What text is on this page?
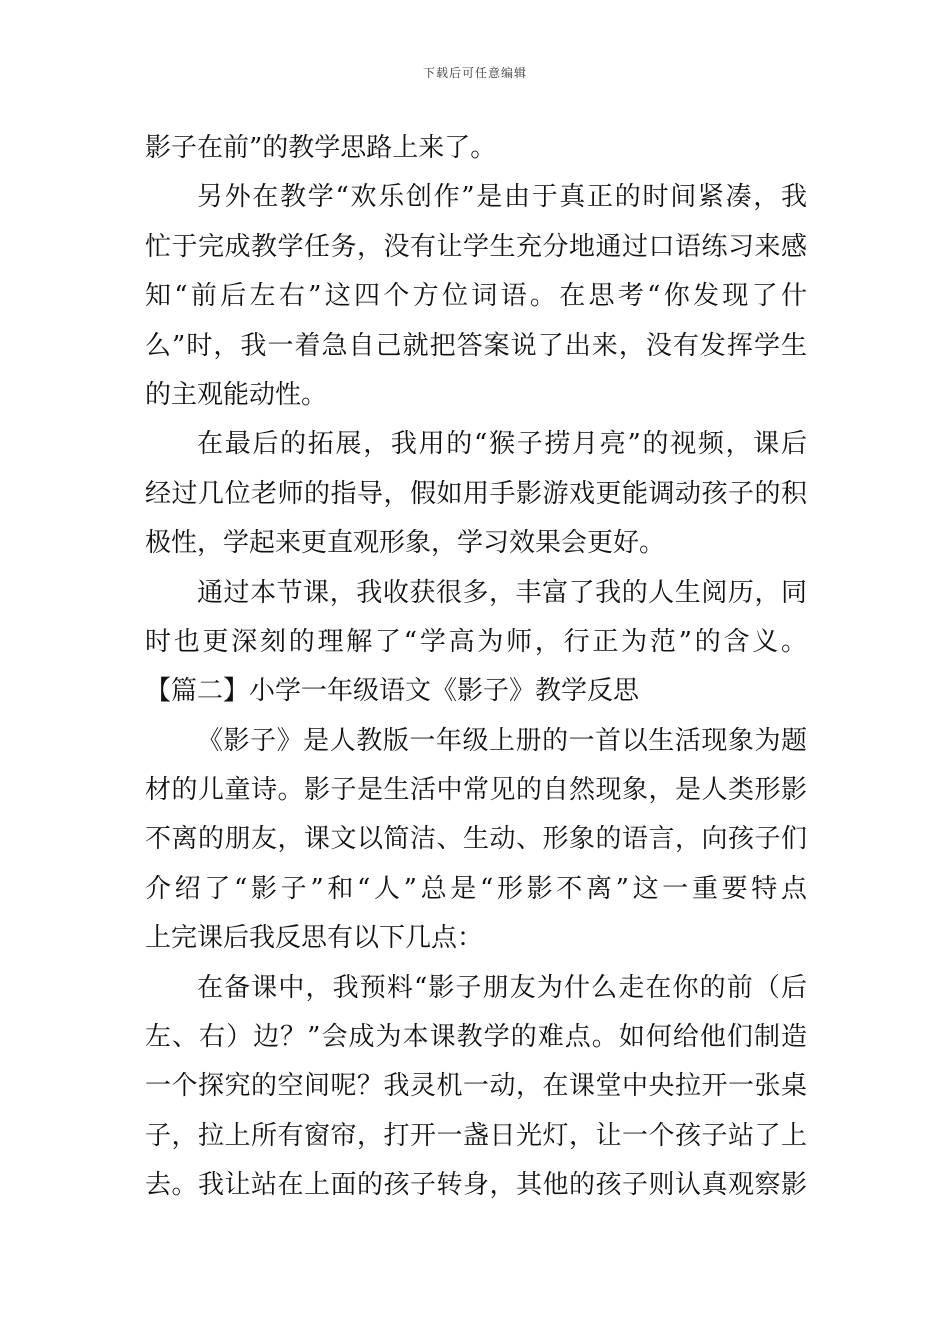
下载后可任意编辑
影子在前”的教学思路上来了。
另外在教学“欢乐创作”是由于真正的时间紧凑，我
忙于完成教学任务，没有让学生充分地通过口语练习来感
知“前后左右”这四个方位词语。在思考“你发现了什
么”时，我一着急自己就把答案说了出来，没有发挥学生
的主观能动性。
在最后的拓展，我用的“猴子捞月亮”的视频，课后
经过几位老师的指导，假如用手影游戏更能调动孩子的积
极性，学起来更直观形象，学习效果会更好。
通过本节课，我收获很多，丰富了我的人生阅历，同
时也更深刻的理解了“学高为师，行正为范”的含义。
【篇二】小学一年级语文《影子》教学反思
《影子》是人教版一年级上册的一首以生活现象为题
材的儿童诗。影子是生活中常见的自然现象，是人类形影
不离的朋友，课文以简洁、生动、形象的语言，向孩子们
介绍了“影子”和“人”总是“形影不离”这一重要特点
上完课后我反思有以下几点：
在备课中，我预料“影子朋友为什么走在你的前（后
左、右）边？”会成为本课教学的难点。如何给他们制造
一个探究的空间呢？我灵机一动，在课堂中央拉开一张桌
子，拉上所有窗帘，打开一盏日光灯，让一个孩子站了上
去。我让站在上面的孩子转身，其他的孩子则认真观察影
